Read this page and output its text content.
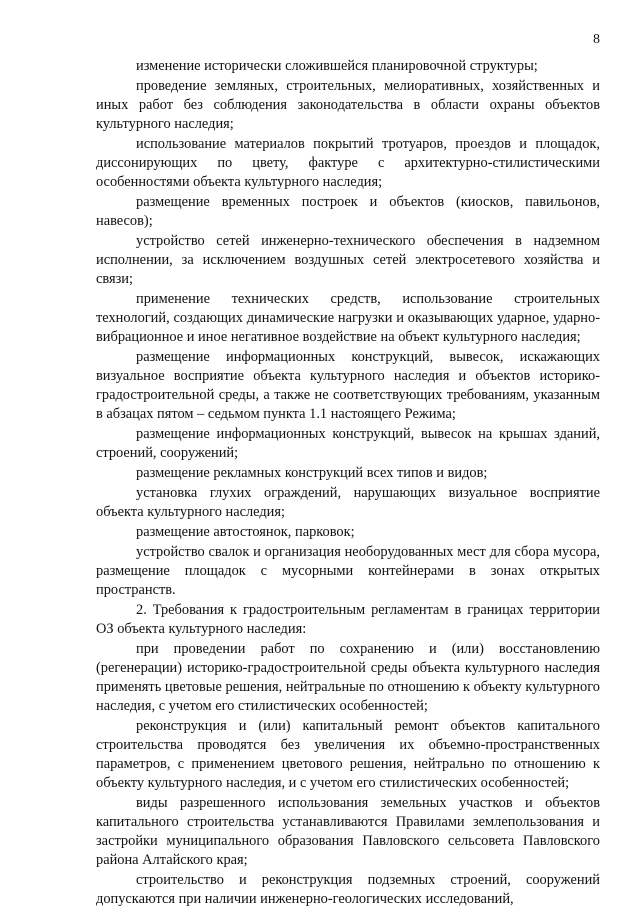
8

изменение исторически сложившейся планировочной структуры;

проведение земляных, строительных, мелиоративных, хозяйственных и иных работ без соблюдения законодательства в области охраны объектов культурного наследия;

использование материалов покрытий тротуаров, проездов и площадок, диссонирующих по цвету, фактуре с архитектурно-стилистическими особенностями объекта культурного наследия;

размещение временных построек и объектов (киосков, павильонов, навесов);

устройство сетей инженерно-технического обеспечения в надземном исполнении, за исключением воздушных сетей электросетевого хозяйства и связи;

применение технических средств, использование строительных технологий, создающих динамические нагрузки и оказывающих ударное, ударно-вибрационное и иное негативное воздействие на объект культурного наследия;

размещение информационных конструкций, вывесок, искажающих визуальное восприятие объекта культурного наследия и объектов историко-градостроительной среды, а также не соответствующих требованиям, указанным в абзацах пятом – седьмом пункта 1.1 настоящего Режима;

размещение информационных конструкций, вывесок на крышах зданий, строений, сооружений;

размещение рекламных конструкций всех типов и видов;

установка глухих ограждений, нарушающих визуальное восприятие объекта культурного наследия;

размещение автостоянок, парковок;

устройство свалок и организация необорудованных мест для сбора мусора, размещение площадок с мусорными контейнерами в зонах открытых пространств.

2. Требования к градостроительным регламентам в границах территории ОЗ объекта культурного наследия:

при проведении работ по сохранению и (или) восстановлению (регенерации) историко-градостроительной среды объекта культурного наследия применять цветовые решения, нейтральные по отношению к объекту культурного наследия, с учетом его стилистических особенностей;

реконструкция и (или) капитальный ремонт объектов капитального строительства проводятся без увеличения их объемно-пространственных параметров, с применением цветового решения, нейтрально по отношению к объекту культурного наследия, и с учетом его стилистических особенностей;

виды разрешенного использования земельных участков и объектов капитального строительства устанавливаются Правилами землепользования и застройки муниципального образования Павловского сельсовета Павловского района Алтайского края;

строительство и реконструкция подземных строений, сооружений допускаются при наличии инженерно-геологических исследований,
